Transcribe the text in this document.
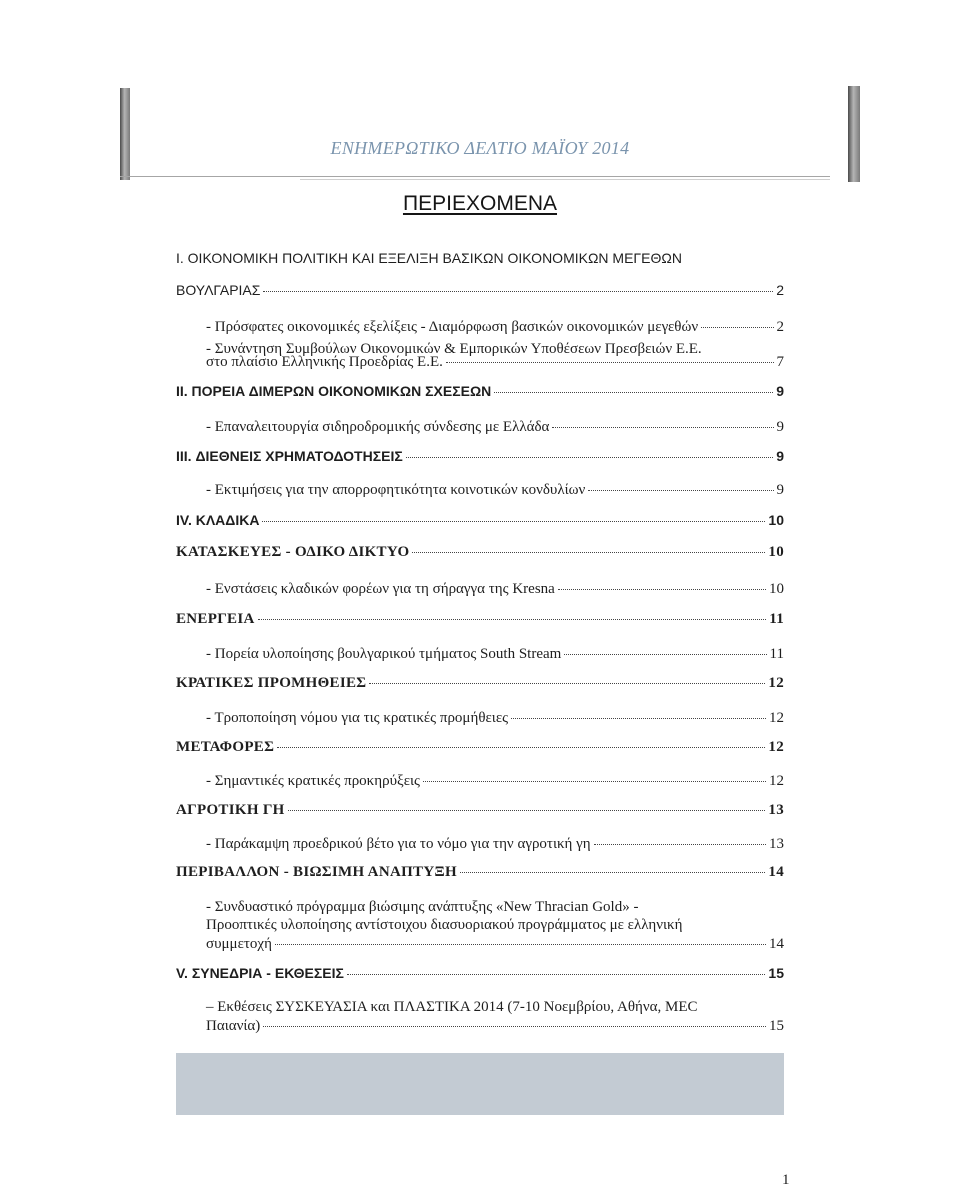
ΕΝΗΜΕΡΩΤΙΚΟ ΔΕΛΤΙΟ ΜΑΪΟΥ 2014
ΠΕΡΙΕΧΟΜΕΝΑ
I. ΟΙΚΟΝΟΜΙΚΗ ΠΟΛΙΤΙΚΗ ΚΑΙ ΕΞΕΛΙΞΗ ΒΑΣΙΚΩΝ ΟΙΚΟΝΟΜΙΚΩΝ ΜΕΓΕΘΩΝ
ΒΟΥΛΓΑΡΙΑΣ	2
- Πρόσφατες οικονομικές εξελίξεις - Διαμόρφωση βασικών οικονομικών μεγεθών	2
- Συνάντηση Συμβούλων Οικονομικών & Εμπορικών Υποθέσεων Πρεσβειών Ε.Ε.
στο πλαίσιο Ελληνικής Προεδρίας Ε.Ε.	7
II. ΠΟΡΕΙΑ ΔΙΜΕΡΩΝ ΟΙΚΟΝΟΜΙΚΩΝ ΣΧΕΣΕΩΝ	9
- Επαναλειτουργία σιδηροδρομικής σύνδεσης με Ελλάδα	9
III. ΔΙΕΘΝΕΙΣ ΧΡΗΜΑΤΟΔΟΤΗΣΕΙΣ	9
- Εκτιμήσεις για την απορροφητικότητα κοινοτικών κονδυλίων	9
IV. ΚΛΑΔΙΚΑ	10
ΚΑΤΑΣΚΕΥΕΣ - ΟΔΙΚΟ ΔΙΚΤΥΟ	10
- Ενστάσεις κλαδικών φορέων για τη σήραγγα της Kresna	10
ΕΝΕΡΓΕΙΑ	11
- Πορεία υλοποίησης βουλγαρικού τμήματος South Stream	11
ΚΡΑΤΙΚΕΣ ΠΡΟΜΗΘΕΙΕΣ	12
- Τροποποίηση νόμου για τις κρατικές προμήθειες	12
ΜΕΤΑΦΟΡΕΣ	12
- Σημαντικές κρατικές προκηρύξεις	12
ΑΓΡΟΤΙΚΗ ΓΗ	13
- Παράκαμψη προεδρικού βέτο για το νόμο για την αγροτική γη	13
ΠΕΡΙΒΑΛΛΟΝ - ΒΙΩΣΙΜΗ ΑΝΑΠΤΥΞΗ	14
- Συνδυαστικό πρόγραμμα βιώσιμης ανάπτυξης «New Thracian Gold» -
Προοπτικές υλοποίησης αντίστοιχου διασυοριακού προγράμματος με ελληνική
συμμετοχή	14
V. ΣΥΝΕΔΡΙΑ - ΕΚΘΕΣΕΙΣ	15
– Εκθέσεις ΣΥΣΚΕΥΑΣΙΑ και ΠΛΑΣΤΙΚΑ 2014 (7-10 Νοεμβρίου, Αθήνα, MEC
Παιανία)	15
1
